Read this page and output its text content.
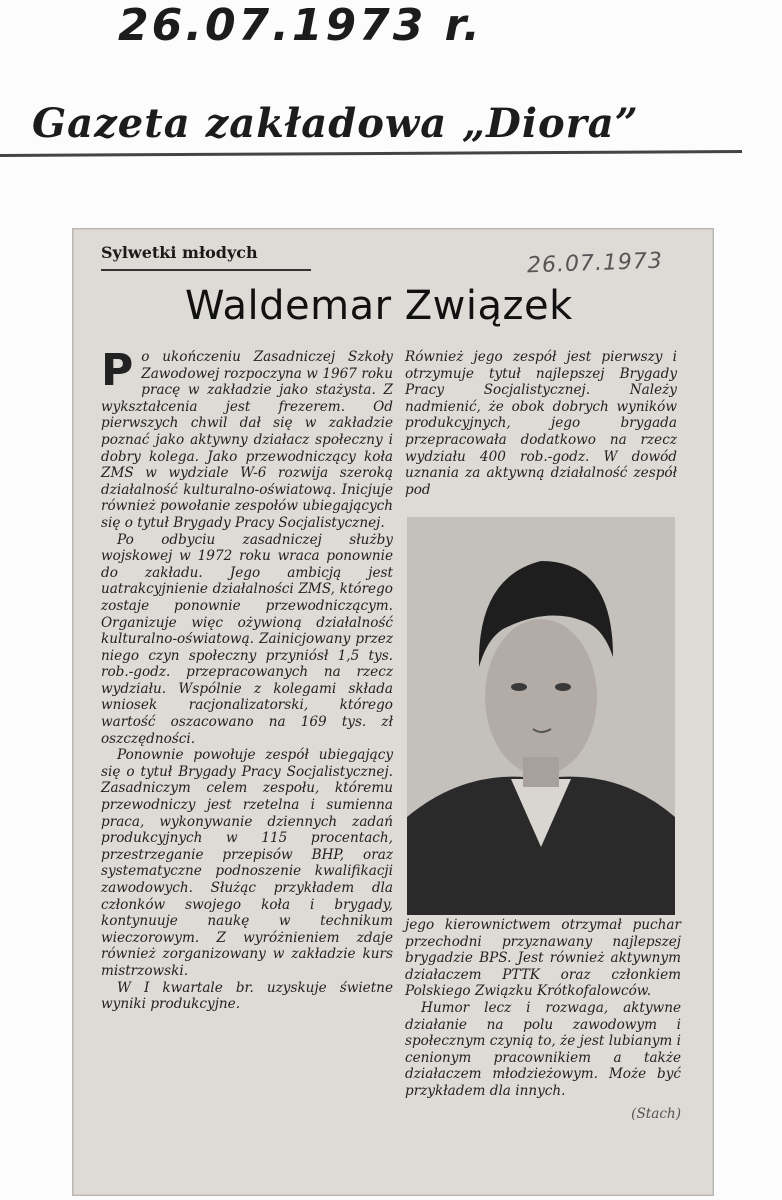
26.07.1973 r.
Gazeta zakładowa „Diora”
Sylwetki młodych	26.07.1973
Waldemar Związek

Po ukończeniu Zasadniczej Szkoły Zawodowej rozpoczyna w 1967 roku pracę w zakładzie jako stażysta. Z wykształcenia jest frezerem. Od pierwszych chwil dał się w zakładzie poznać jako aktywny działacz społeczny i dobry kolega. Jako przewodniczący koła ZMS w wydziale W-6 rozwija szeroką działalność kulturalno-oświatową. Inicjuje również powołanie zespołów ubiegających się o tytuł Brygady Pracy Socjalistycznej.

Po odbyciu zasadniczej służby wojskowej w 1972 roku wraca ponownie do zakładu. Jego ambicją jest uatrakcyjnienie działalności ZMS, którego zostaje ponownie przewodniczącym. Organizuje więc ożywioną działalność kulturalno-oświatową. Zainicjowany przez niego czyn społeczny przyniósł 1,5 tys. rob.-godz. przepracowanych na rzecz wydziału. Wspólnie z kolegami składa wniosek racjonalizatorski, którego wartość oszacowano na 169 tys. zł oszczędności.

Ponownie powołuje zespół ubiegający się o tytuł Brygady Pracy Socjalistycznej. Zasadniczym celem zespołu, któremu przewodniczy jest rzetelna i sumienna praca, wykonywanie dziennych zadań produkcyjnych w 115 procentach, przestrzeganie przepisów BHP, oraz systematyczne podnoszenie kwalifikacji zawodowych. Służąc przykładem dla członków swojego koła i brygady, kontynuuje naukę w technikum wieczorowym. Z wyróżnieniem zdaje również zorganizowany w zakładzie kurs mistrzowski.

W I kwartale br. uzyskuje świetne wyniki produkcyjne.

Również jego zespół jest pierwszy i otrzymuje tytuł najlepszej Brygady Pracy Socjalistycznej. Należy nadmienić, że obok dobrych wyników produkcyjnych, jego brygada przepracowała dodatkowo na rzecz wydziału 400 rob.-godz. W dowód uznania za aktywną działalność zespół pod

jego kierownictwem otrzymał puchar przechodni przyznawany najlepszej brygadzie BPS. Jest również aktywnym działaczem PTTK oraz członkiem Polskiego Związku Krótkofalowców.

Humor lecz i rozwaga, aktywne działanie na polu zawodowym i społecznym czynią to, że jest lubianym i cenionym pracownikiem a także działaczem młodzieżowym. Może być przykładem dla innych.

(Stach)
